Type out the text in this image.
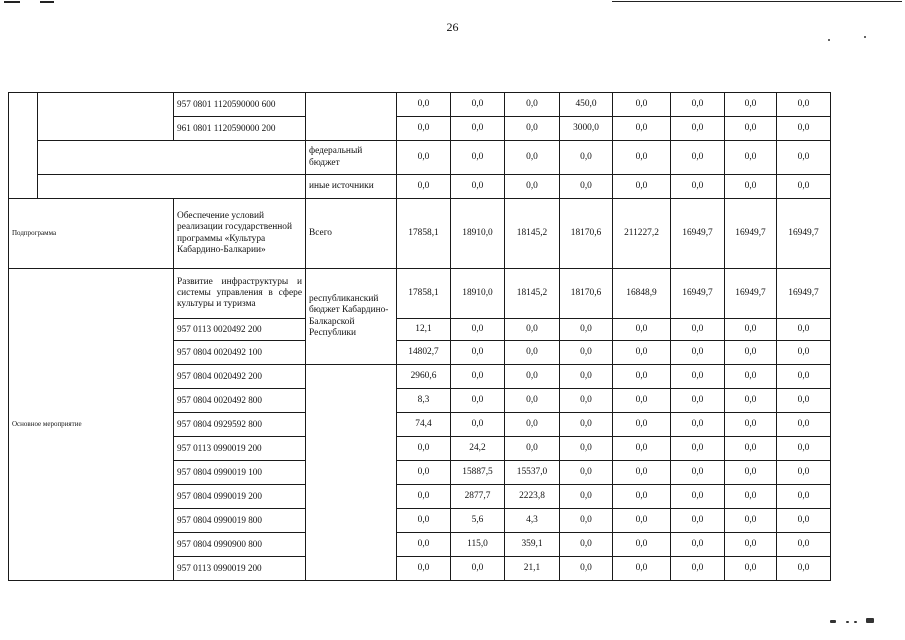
26
		957 0801 1120590000 600		0,0	0,0	0,0	450,0	0,0	0,0	0,0	0,0
		961 0801 1120590000 200		0,0	0,0	0,0	3000,0	0,0	0,0	0,0	0,0
			федеральный бюджет	0,0	0,0	0,0	0,0	0,0	0,0	0,0	0,0
			иные источники	0,0	0,0	0,0	0,0	0,0	0,0	0,0	0,0
Подпрограмма		Обеспечение условий реализации государственной программы «Культура Кабардино-Балкарии»	Всего	17858,1	18910,0	18145,2	18170,6	211227,2	16949,7	16949,7	16949,7
Основное мероприятие		Развитие инфраструктуры и системы управления в сфере культуры и туризма	республиканский бюджет Кабардино-Балкарской Республики	17858,1	18910,0	18145,2	18170,6	16848,9	16949,7	16949,7	16949,7
		957 0113 0020492 200		12,1	0,0	0,0	0,0	0,0	0,0	0,0	0,0
		957 0804 0020492 100		14802,7	0,0	0,0	0,0	0,0	0,0	0,0	0,0
		957 0804 0020492 200		2960,6	0,0	0,0	0,0	0,0	0,0	0,0	0,0
		957 0804 0020492 800		8,3	0,0	0,0	0,0	0,0	0,0	0,0	0,0
		957 0804 0929592 800		74,4	0,0	0,0	0,0	0,0	0,0	0,0	0,0
		957 0113 0990019 200		0,0	24,2	0,0	0,0	0,0	0,0	0,0	0,0
		957 0804 0990019 100		0,0	15887,5	15537,0	0,0	0,0	0,0	0,0	0,0
		957 0804 0990019 200		0,0	2877,7	2223,8	0,0	0,0	0,0	0,0	0,0
		957 0804 0990019 800		0,0	5,6	4,3	0,0	0,0	0,0	0,0	0,0
		957 0804 0990900 800		0,0	115,0	359,1	0,0	0,0	0,0	0,0	0,0
		957 0113 0990019 200		0,0	0,0	21,1	0,0	0,0	0,0	0,0	0,0
